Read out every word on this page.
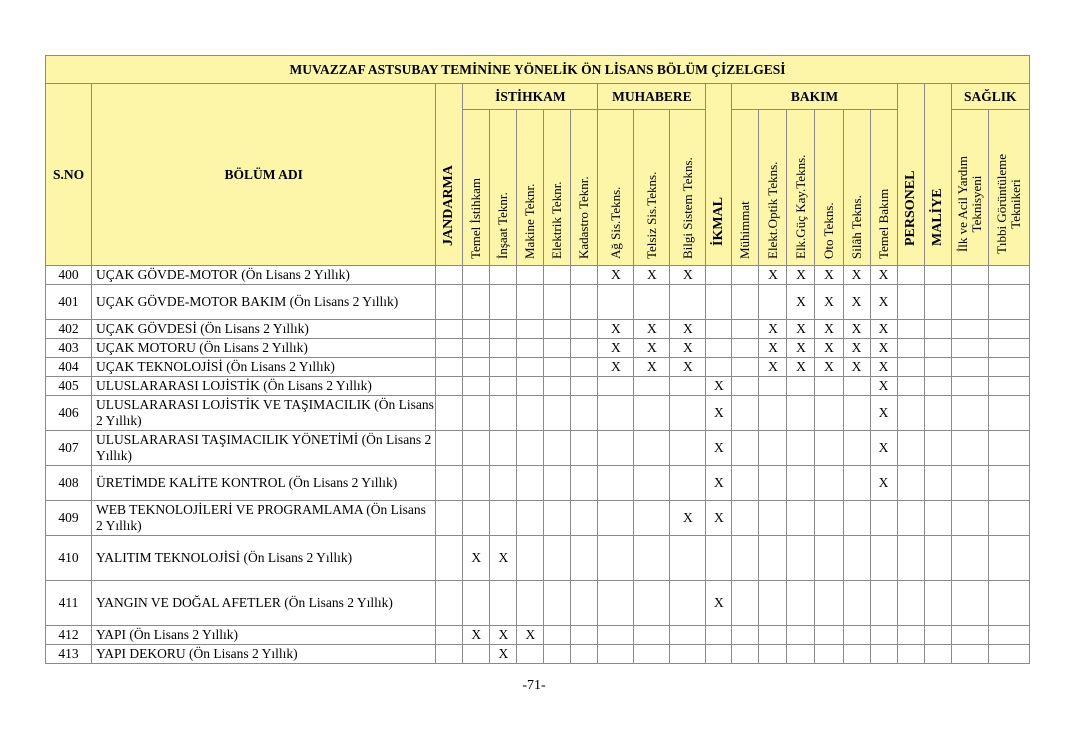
MUVAZZAF ASTSUBAY TEMİNİNE YÖNELİK ÖN LİSANS BÖLÜM ÇİZELGESİ																					
S.NO	BÖLÜM ADI	JANDARMA	İSTİHKAM					MUHABERE			İKMAL	BAKIM						PERSONEL	MALİYE	SAĞLIK	

			Temel İstihkam	İnşaat Teknr.	Makine Teknr.	Elektrik Teknr.	Kadastro Teknr.	Ağ Sis.Tekns.	Telsiz Sis.Tekns.	Bilgi Sistem Tekns.		Mühimmat	Elekt.Optik Tekns.	Elk.Güç Kay.Tekns.	Oto Tekns.	Silâh Tekns.	Temel Bakım			İlk ve Acil Yardım Teknisyeni	Tıbbi Görüntüleme Teknikeri

400	UÇAK GÖVDE-MOTOR (Ön Lisans 2 Yıllık)							X	X	X			X	X	X	X	X				
401	UÇAK GÖVDE-MOTOR BAKIM (Ön Lisans 2 Yıllık)													X	X	X	X				
402	UÇAK GÖVDESİ (Ön Lisans 2 Yıllık)							X	X	X			X	X	X	X	X				
403	UÇAK MOTORU (Ön Lisans 2 Yıllık)							X	X	X			X	X	X	X	X				
404	UÇAK TEKNOLOJİSİ (Ön Lisans 2 Yıllık)							X	X	X			X	X	X	X	X				
405	ULUSLARARASI LOJİSTİK (Ön Lisans 2 Yıllık)										X						X				
406	ULUSLARARASI LOJİSTİK VE TAŞIMACILIK (Ön Lisans 2 Yıllık)										X						X				
407	ULUSLARARASI TAŞIMACILIK YÖNETİMİ (Ön Lisans 2 Yıllık)										X						X				
408	ÜRETİMDE KALİTE KONTROL (Ön Lisans 2 Yıllık)										X						X				
409	WEB TEKNOLOJİLERİ VE PROGRAMLAMA (Ön Lisans 2 Yıllık)									X	X										
410	YALITIM TEKNOLOJİSİ (Ön Lisans 2 Yıllık)		X	X																	
411	YANGIN VE DOĞAL AFETLER (Ön Lisans 2 Yıllık)										X										
412	YAPI (Ön Lisans 2 Yıllık)		X	X	X																
413	YAPI DEKORU (Ön Lisans 2 Yıllık)			X																	
-71-
